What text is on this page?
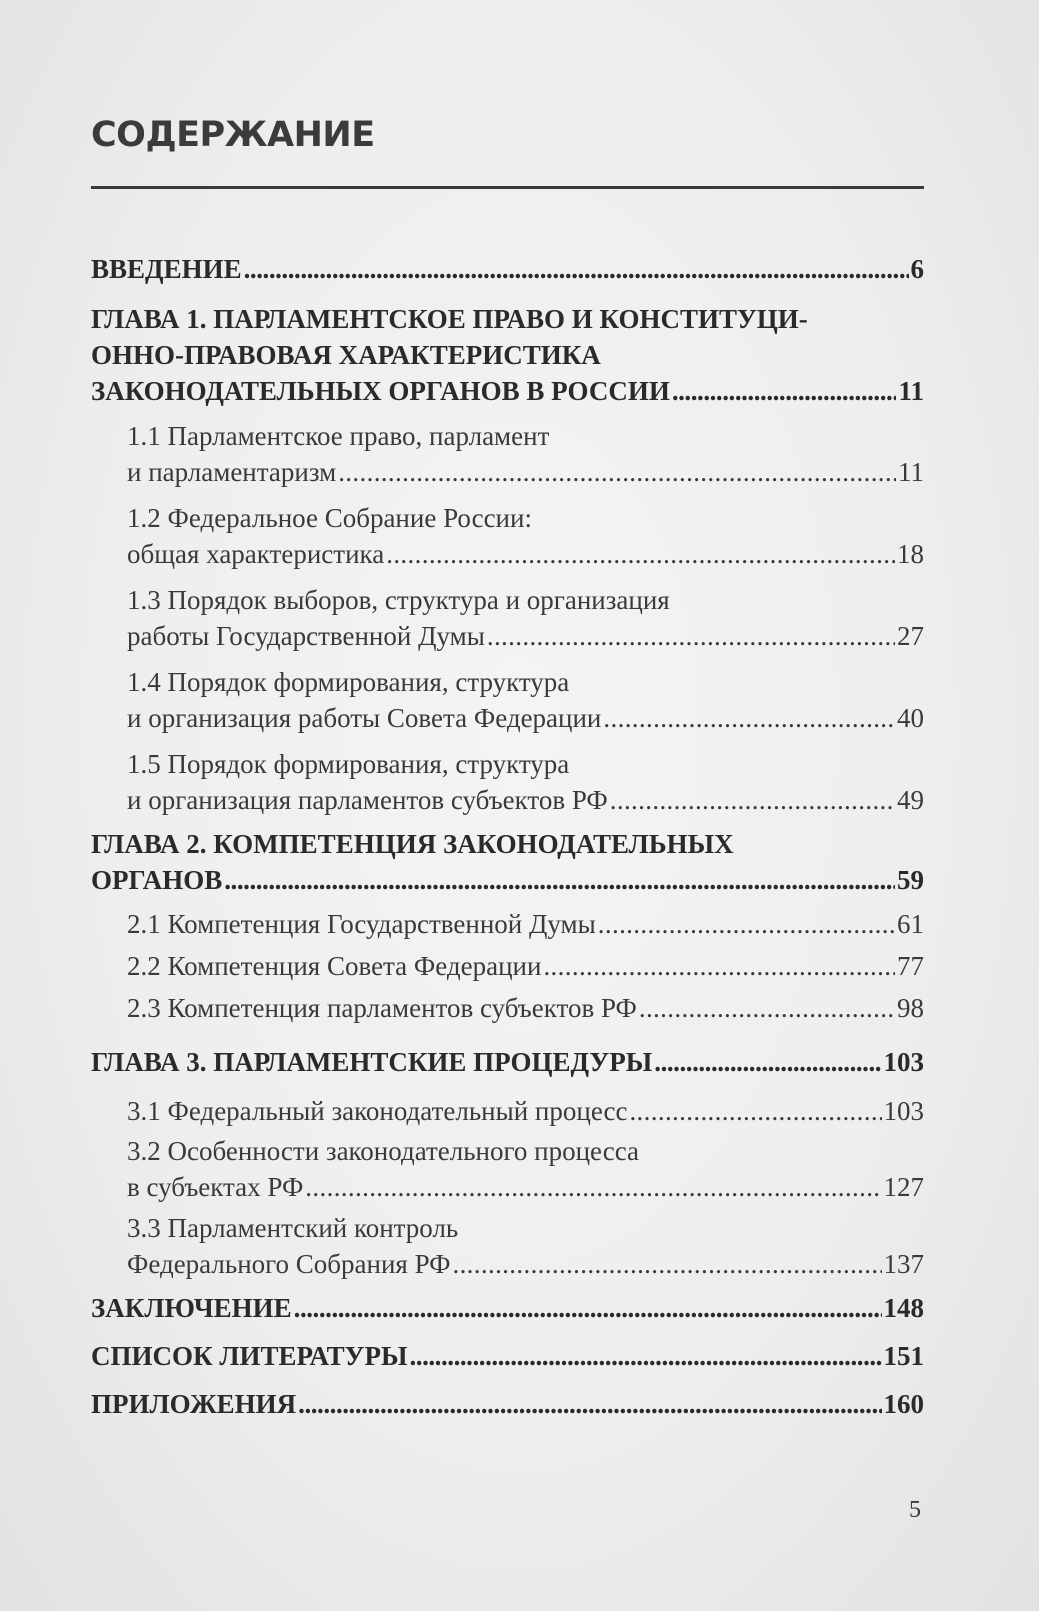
СОДЕРЖАНИЕ
ВВЕДЕНИЕ . . .	6
ГЛАВА 1. ПАРЛАМЕНТСКОЕ ПРАВО И КОНСТИТУЦИ-
ОННО-ПРАВОВАЯ ХАРАКТЕРИСТИКА
ЗАКОНОДАТЕЛЬНЫХ ОРГАНОВ В РОССИИ . . .	11
1.1 Парламентское право, парламент
и парламентаризм . . .	11
1.2 Федеральное Собрание России:
общая характеристика . . .	18
1.3 Порядок выборов, структура и организация
работы Государственной Думы . . .	27
1.4 Порядок формирования, структура
и организация работы Совета Федерации . . .	40
1.5 Порядок формирования, структура
и организация парламентов субъектов РФ . . .	49
ГЛАВА 2. КОМПЕТЕНЦИЯ ЗАКОНОДАТЕЛЬНЫХ
ОРГАНОВ . . .	59
2.1 Компетенция Государственной Думы . . .	61
2.2 Компетенция Совета Федерации . . .	77
2.3 Компетенция парламентов субъектов РФ . . .	98
ГЛАВА 3. ПАРЛАМЕНТСКИЕ ПРОЦЕДУРЫ . . .	103
3.1 Федеральный законодательный процесс . . .	103
3.2 Особенности законодательного процесса
в субъектах РФ . . .	127
3.3 Парламентский контроль
Федерального Собрания РФ . . .	137
ЗАКЛЮЧЕНИЕ . . .	148
СПИСОК ЛИТЕРАТУРЫ . . .	151
ПРИЛОЖЕНИЯ . . .	160
5
